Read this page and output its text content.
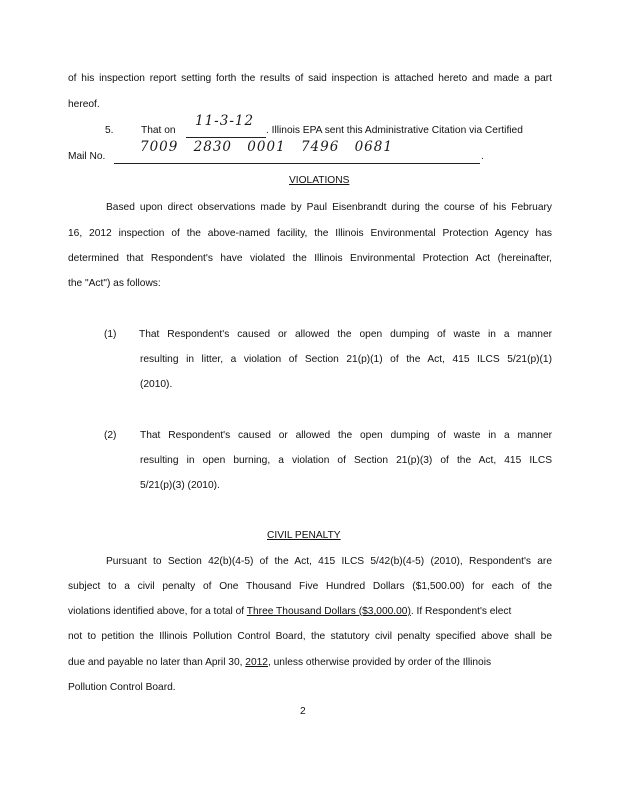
of his inspection report setting forth the results of said inspection is attached hereto and made a part
hereof.
5.	That on
11-3-12
. Illinois EPA sent this Administrative Citation via Certified
Mail No.
7009 2830 0001 7496 0681
.
VIOLATIONS
Based upon direct observations made by Paul Eisenbrandt during the course of his February
16, 2012 inspection of the above-named facility, the Illinois Environmental Protection Agency has
determined that Respondent's have violated the Illinois Environmental Protection Act (hereinafter,
the "Act") as follows:
(1) That Respondent's caused or allowed the open dumping of waste in a manner
resulting in litter, a violation of Section 21(p)(1) of the Act, 415 ILCS 5/21(p)(1)
(2010).
(2) That Respondent's caused or allowed the open dumping of waste in a manner
resulting in open burning, a violation of Section 21(p)(3) of the Act, 415 ILCS
5/21(p)(3) (2010).
CIVIL PENALTY
Pursuant to Section 42(b)(4-5) of the Act, 415 ILCS 5/42(b)(4-5) (2010), Respondent's are
subject to a civil penalty of One Thousand Five Hundred Dollars ($1,500.00) for each of the
violations identified above, for a total of Three Thousand Dollars ($3,000.00). If Respondent's elect
not to petition the Illinois Pollution Control Board, the statutory civil penalty specified above shall be
due and payable no later than April 30, 2012, unless otherwise provided by order of the Illinois
Pollution Control Board.
2
